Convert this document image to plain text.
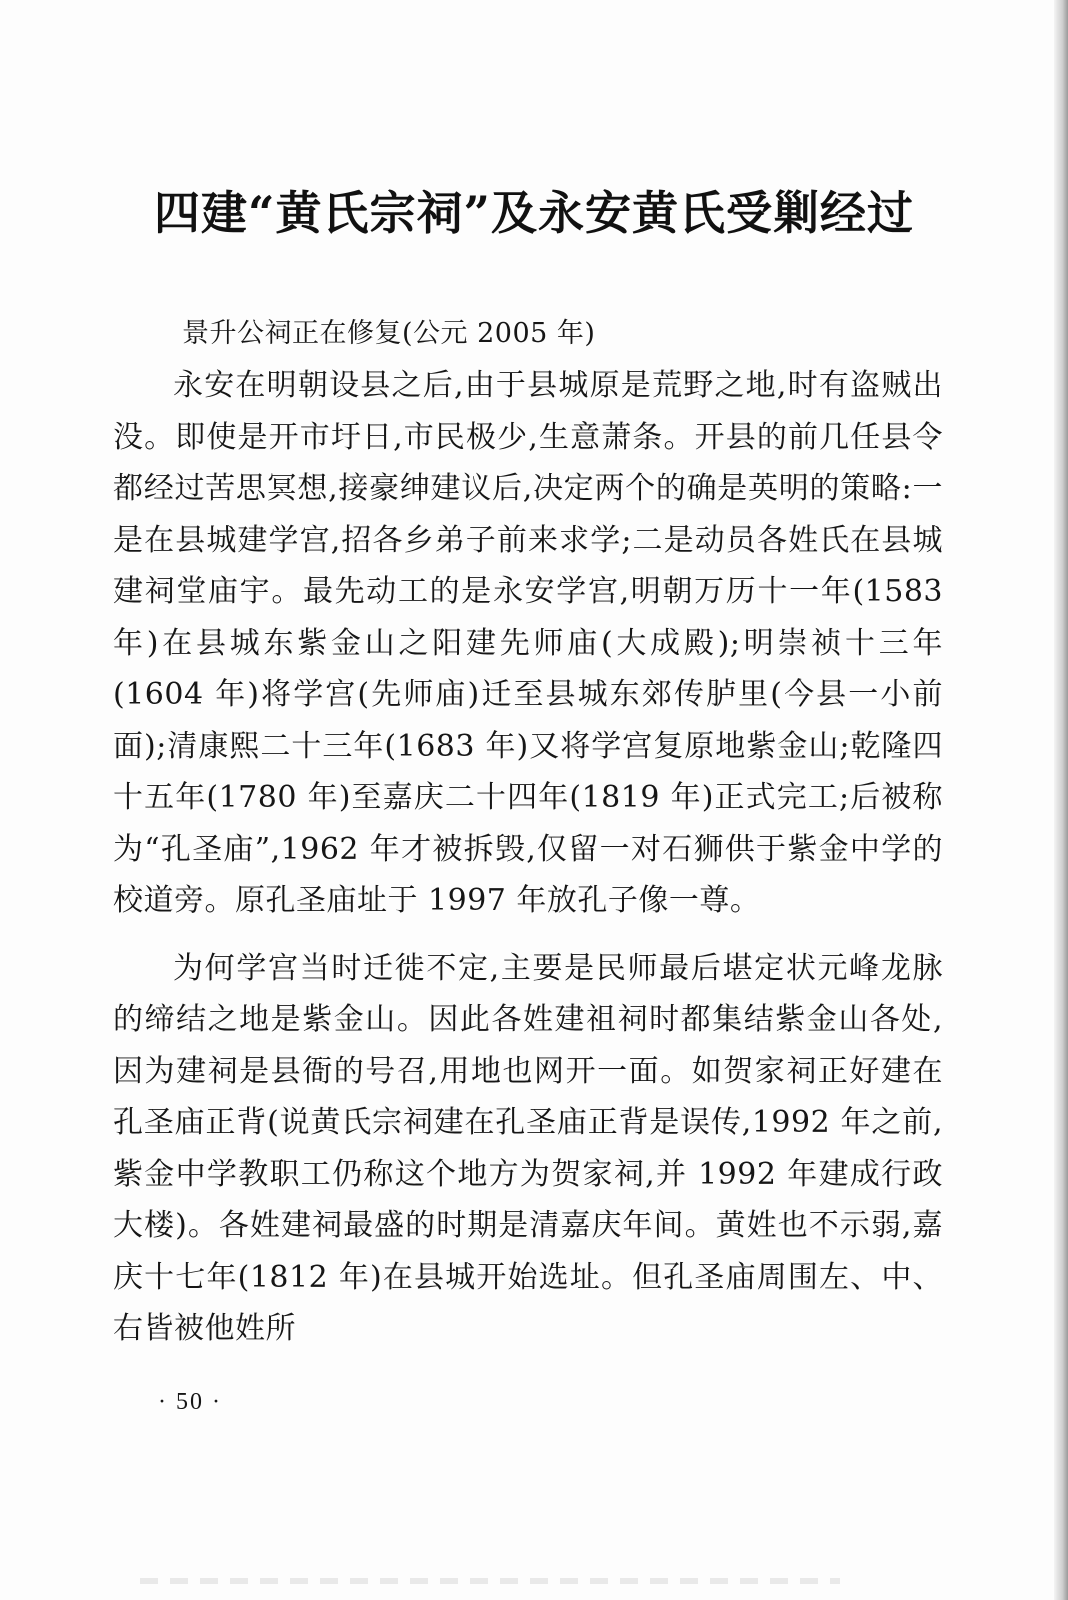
四建“黄氏宗祠”及永安黄氏受剿经过

景升公祠正在修复(公元 2005 年)

永安在明朝设县之后,由于县城原是荒野之地,时有盗贼出没。即使是开市圩日,市民极少,生意萧条。开县的前几任县令都经过苦思冥想,接豪绅建议后,决定两个的确是英明的策略:一是在县城建学宫,招各乡弟子前来求学;二是动员各姓氏在县城建祠堂庙宇。最先动工的是永安学宫,明朝万历十一年(1583 年)在县城东紫金山之阳建先师庙(大成殿);明崇祯十三年(1604 年)将学宫(先师庙)迁至县城东郊传胪里(今县一小前面);清康熙二十三年(1683 年)又将学宫复原地紫金山;乾隆四十五年(1780 年)至嘉庆二十四年(1819 年)正式完工;后被称为“孔圣庙”,1962 年才被拆毁,仅留一对石狮供于紫金中学的校道旁。原孔圣庙址于 1997 年放孔子像一尊。

为何学宫当时迁徙不定,主要是民师最后堪定状元峰龙脉的缔结之地是紫金山。因此各姓建祖祠时都集结紫金山各处,因为建祠是县衙的号召,用地也网开一面。如贺家祠正好建在孔圣庙正背(说黄氏宗祠建在孔圣庙正背是误传,1992 年之前,紫金中学教职工仍称这个地方为贺家祠,并 1992 年建成行政大楼)。各姓建祠最盛的时期是清嘉庆年间。黄姓也不示弱,嘉庆十七年(1812 年)在县城开始选址。但孔圣庙周围左、中、右皆被他姓所

· 50 ·
